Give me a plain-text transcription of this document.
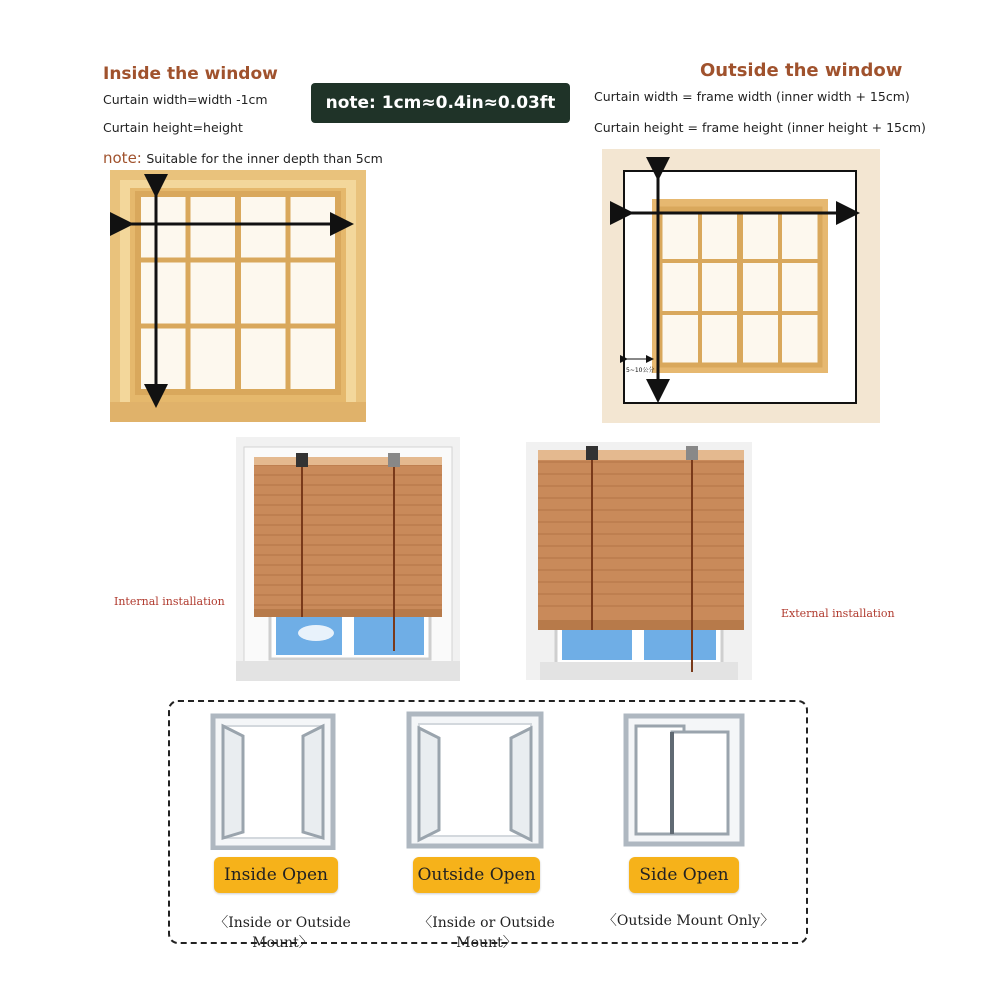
Inside the window
Curtain width=width -1cm
Curtain height=height
note: Suitable for the inner depth than 5cm
note: 1cm≈0.4in≈0.03ft
Outside the window
Curtain width = frame width (inner width + 15cm)
Curtain height = frame height (inner height + 15cm)
5~10公分
Internal installation
External installation
Inside Open	Outside Open	Side Open
〈Inside or Outside Mount〉
〈Inside or Outside Mount〉
〈Outside Mount Only〉
